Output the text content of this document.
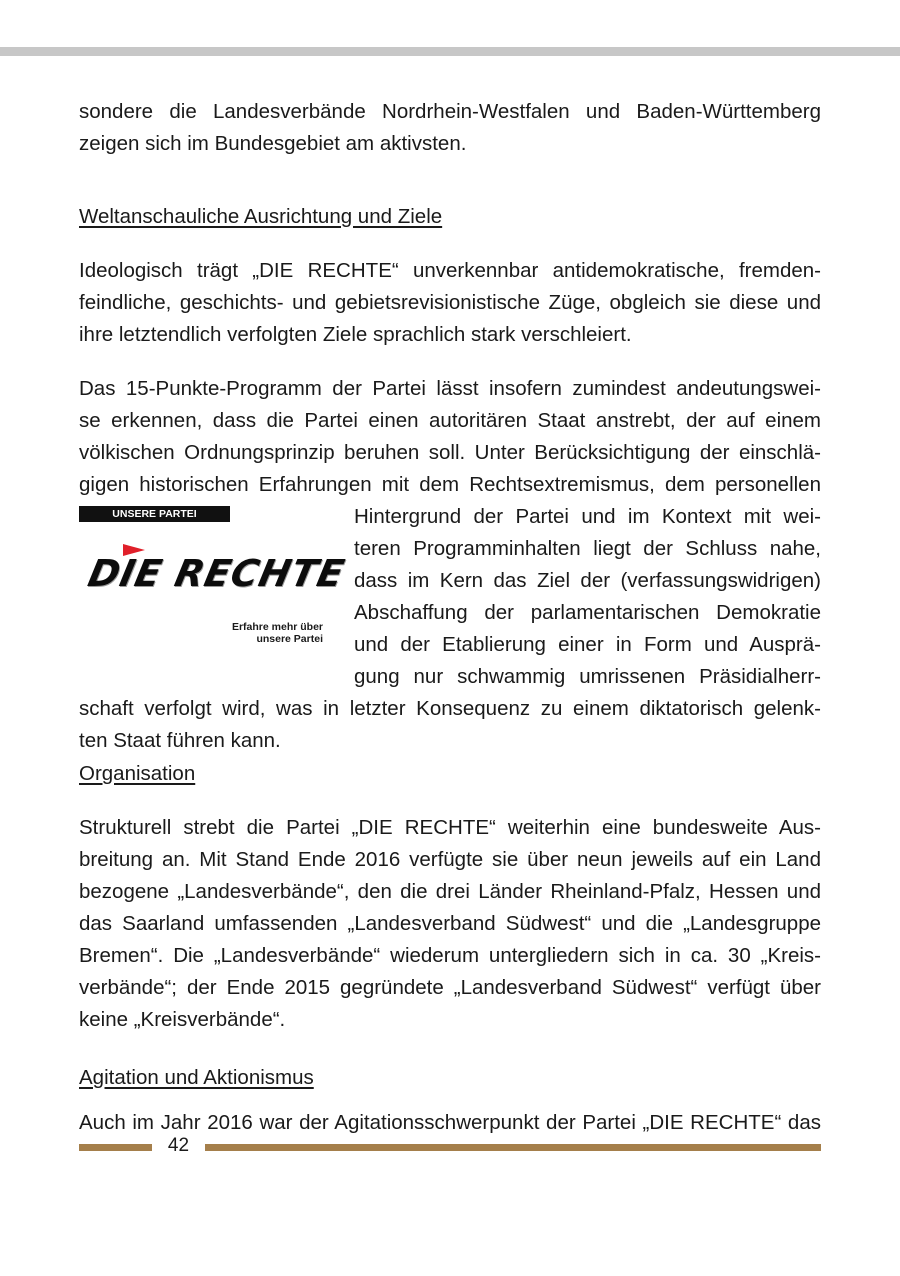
sondere die Landesverbände Nordrhein-Westfalen und Baden-Württemberg
zeigen sich im Bundesgebiet am aktivsten.
Weltanschauliche Ausrichtung und Ziele
Ideologisch trägt „DIE RECHTE“ unverkennbar antidemokratische, fremden-
feindliche, geschichts- und gebietsrevisionistische Züge, obgleich sie diese und
ihre letztendlich verfolgten Ziele sprachlich stark verschleiert.
Das 15-Punkte-Programm der Partei lässt insofern zumindest andeutungswei-
se erkennen, dass die Partei einen autoritären Staat anstrebt, der auf einem
völkischen Ordnungsprinzip beruhen soll. Unter Berücksichtigung der einschlä-
gigen historischen Erfahrungen mit dem Rechtsextremismus, dem personellen
Hintergrund der Partei und im Kontext mit wei-
teren Programminhalten liegt der Schluss nahe,
dass im Kern das Ziel der (verfassungswidrigen)
Abschaffung der parlamentarischen Demokratie
und der Etablierung einer in Form und Ausprä-
gung nur schwammig umrissenen Präsidialherr-
schaft verfolgt wird, was in letzter Konsequenz zu einem diktatorisch gelenk-
ten Staat führen kann.
UNSERE PARTEI
DIE RECHTE
Erfahre mehr über
unsere Partei
Organisation
Strukturell strebt die Partei „DIE RECHTE“ weiterhin eine bundesweite Aus-
breitung an. Mit Stand Ende 2016 verfügte sie über neun jeweils auf ein Land
bezogene „Landesverbände“, den die drei Länder Rheinland-Pfalz, Hessen und
das Saarland umfassenden „Landesverband Südwest“ und die „Landesgruppe
Bremen“. Die „Landesverbände“ wiederum untergliedern sich in ca. 30 „Kreis-
verbände“; der Ende 2015 gegründete „Landesverband Südwest“ verfügt über
keine „Kreisverbände“.
Agitation und Aktionismus
Auch im Jahr 2016 war der Agitationsschwerpunkt der Partei „DIE RECHTE“ das
42
